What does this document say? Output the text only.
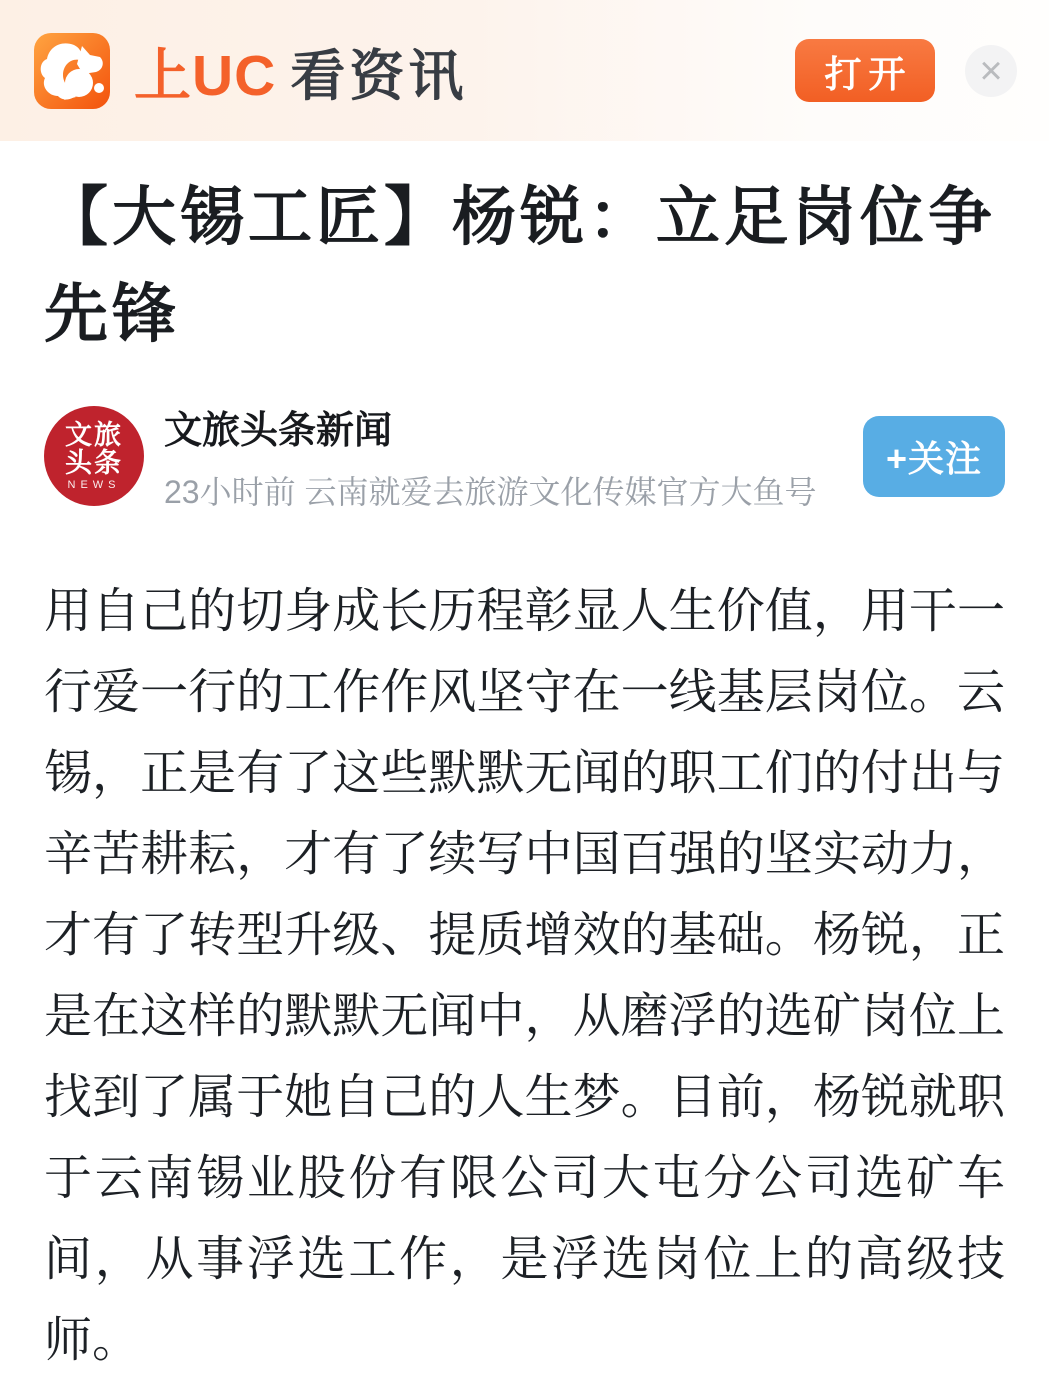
上UC 看资讯	打开	×
【大锡工匠】杨锐：立足岗位争先锋
文旅
头条
NEWS
文旅头条新闻
23小时前 云南就爱去旅游文化传媒官方大鱼号
+关注

用自己的切身成长历程彰显人生价值，用干一行爱一行的工作作风坚守在一线基层岗位。云锡，正是有了这些默默无闻的职工们的付出与辛苦耕耘，才有了续写中国百强的坚实动力，才有了转型升级、提质增效的基础。杨锐，正是在这样的默默无闻中，从磨浮的选矿岗位上找到了属于她自己的人生梦。目前，杨锐就职于云南锡业股份有限公司大屯分公司选矿车间，从事浮选工作，是浮选岗位上的高级技师。
